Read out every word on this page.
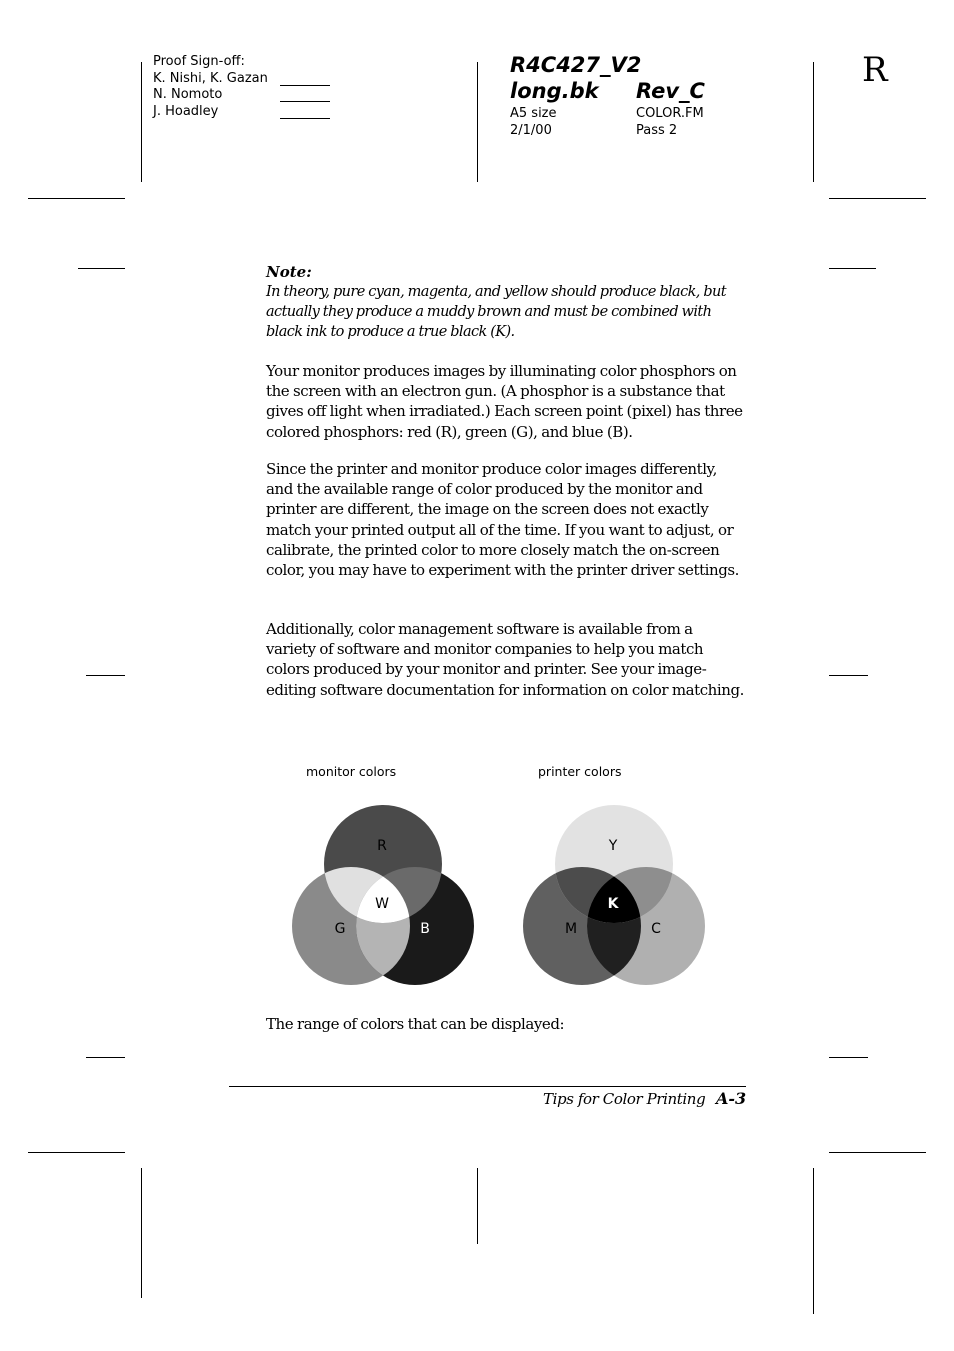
Proof Sign-off:
K. Nishi, K. Gazan
N. Nomoto
J. Hoadley
R4C427_V2
long.bk Rev_C
A5 size
2/1/00
COLOR.FM
Pass 2
R
Note:

In theory, pure cyan, magenta, and yellow should produce black, but actually they produce a muddy brown and must be combined with black ink to produce a true black (K).

Your monitor produces images by illuminating color phosphors on the screen with an electron gun. (A phosphor is a substance that gives off light when irradiated.) Each screen point (pixel) has three colored phosphors: red (R), green (G), and blue (B).

Since the printer and monitor produce color images differently, and the available range of color produced by the monitor and printer are different, the image on the screen does not exactly match your printed output all of the time. If you want to adjust, or calibrate, the printed color to more closely match the on-screen color, you may have to experiment with the printer driver settings.

Additionally, color management software is available from a variety of software and monitor companies to help you match colors produced by your monitor and printer. See your image-editing software documentation for information on color matching.

monitor colors	printer colors
R
G	B
W
Y
M	C
K

The range of colors that can be displayed:

Tips for Color Printing A-3
